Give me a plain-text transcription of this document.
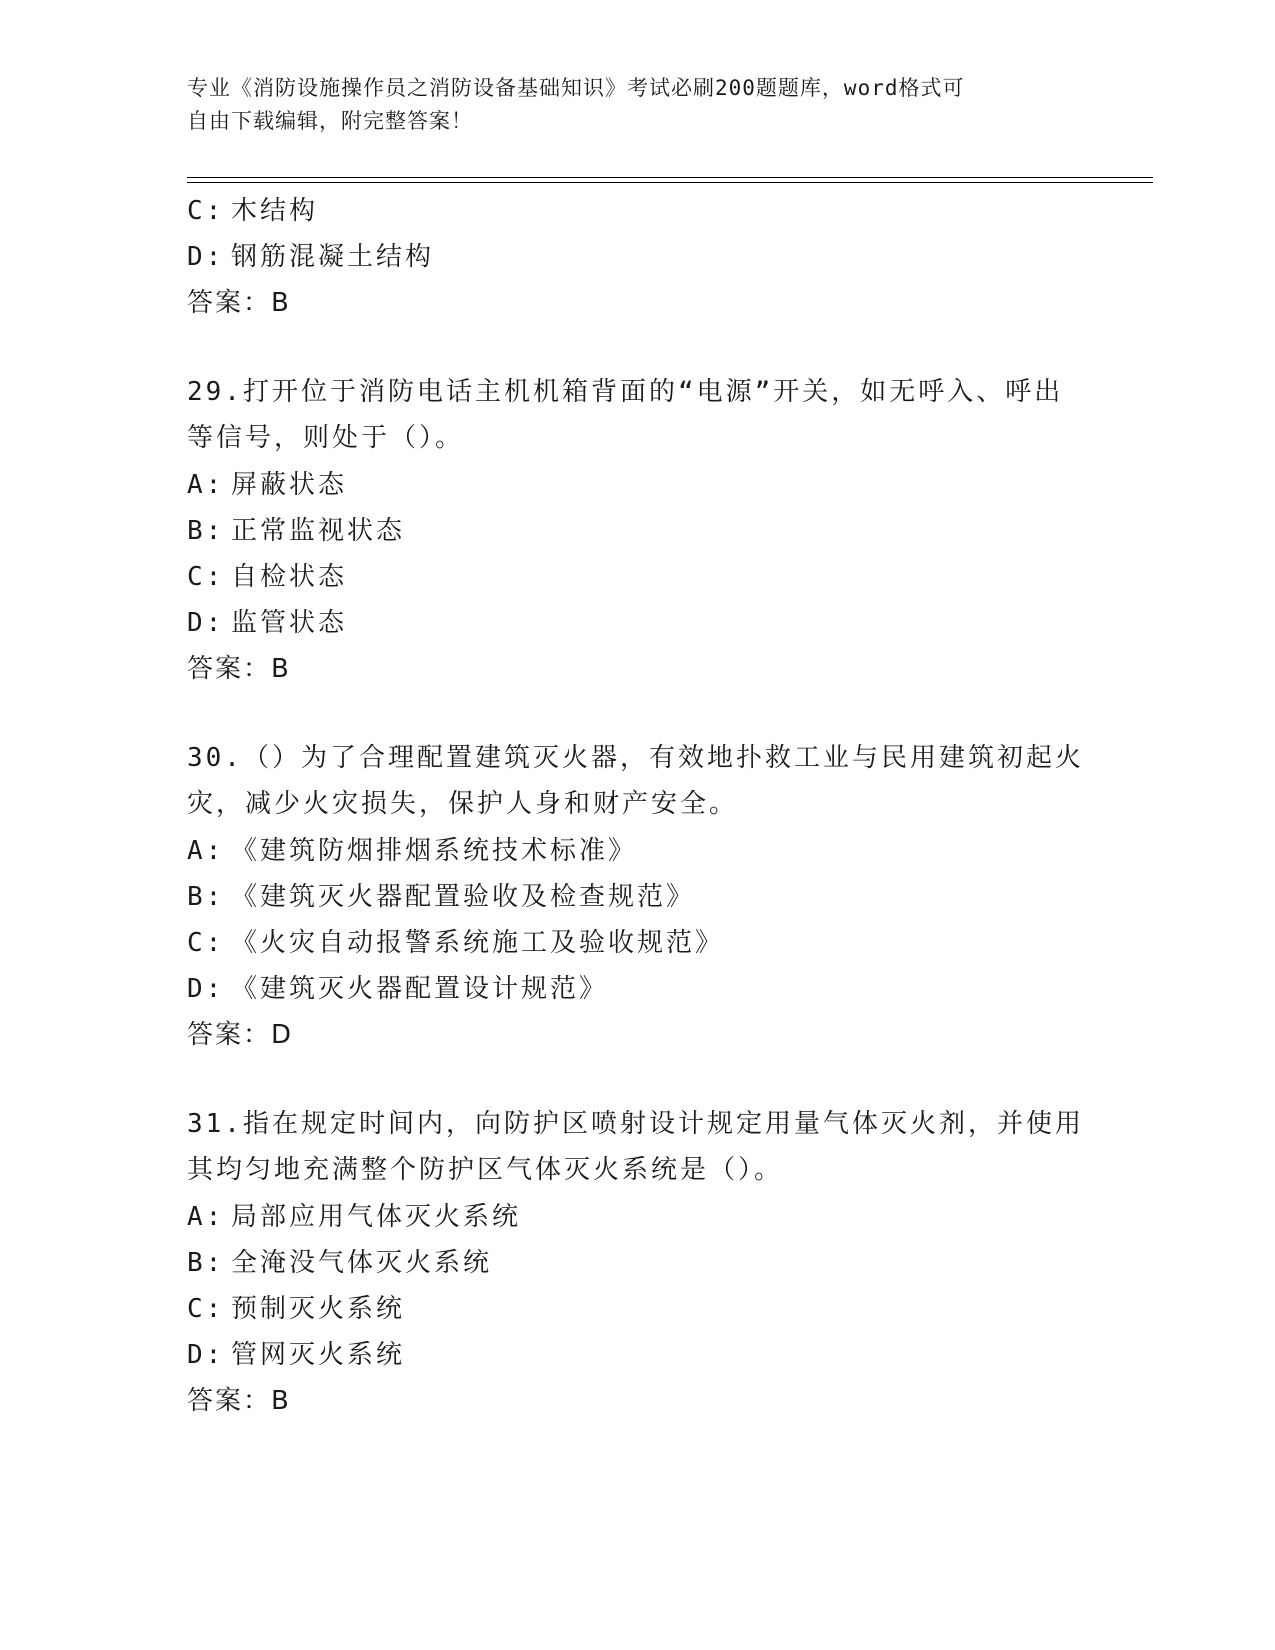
专业《消防设施操作员之消防设备基础知识》考试必刷200题题库，word格式可
自由下载编辑，附完整答案！
C: 木结构
D: 钢筋混凝土结构
答案：B
29.打开位于消防电话主机机箱背面的“电源”开关，如无呼入、呼出
等信号，则处于（）。
A: 屏蔽状态
B: 正常监视状态
C: 自检状态
D: 监管状态
答案：B
30.（）为了合理配置建筑灭火器，有效地扑救工业与民用建筑初起火
灾，减少火灾损失，保护人身和财产安全。
A: 《建筑防烟排烟系统技术标准》
B: 《建筑灭火器配置验收及检查规范》
C: 《火灾自动报警系统施工及验收规范》
D: 《建筑灭火器配置设计规范》
答案：D
31.指在规定时间内，向防护区喷射设计规定用量气体灭火剂，并使用
其均匀地充满整个防护区气体灭火系统是（）。
A: 局部应用气体灭火系统
B: 全淹没气体灭火系统
C: 预制灭火系统
D: 管网灭火系统
答案：B
